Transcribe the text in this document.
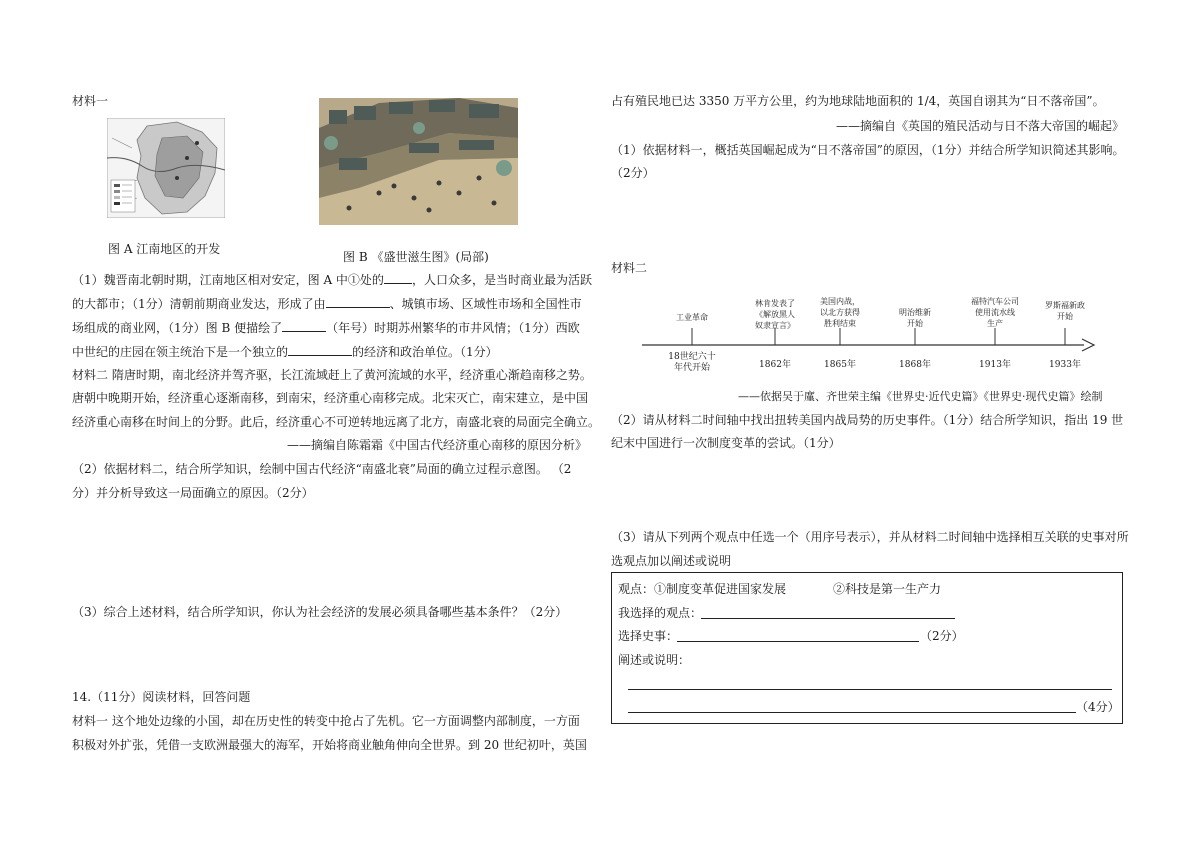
材料一
图 A 江南地区的开发
图 B 《盛世滋生图》(局部)
（1）魏晋南北朝时期，江南地区相对安定，图 A 中①处的 ，人口众多，是当时商业最为活跃
的大都市；（1分）清朝前期商业发达，形成了由	、城镇市场、区域性市场和全国性市
场组成的商业网，（1分）图 B 便描绘了	（年号）时期苏州繁华的市井风情；（1分）西欧
中世纪的庄园在领主统治下是一个独立的	的经济和政治单位。（1分）
材料二 隋唐时期，南北经济并驾齐驱，长江流域赶上了黄河流域的水平，经济重心渐趋南移之势。
唐朝中晚期开始，经济重心逐渐南移，到南宋，经济重心南移完成。北宋灭亡，南宋建立，是中国
经济重心南移在时间上的分野。此后，经济重心不可逆转地远离了北方，南盛北衰的局面完全确立。
——摘编自陈霜霜《中国古代经济重心南移的原因分析》
（2）依据材料二，结合所学知识，绘制中国古代经济“南盛北衰”局面的确立过程示意图。 （2
分）并分析导致这一局面确立的原因。（2分）
（3）综合上述材料，结合所学知识，你认为社会经济的发展必须具备哪些基本条件？（2分）
14.（11分）阅读材料，回答问题
材料一 这个地处边缘的小国，却在历史性的转变中抢占了先机。它一方面调整内部制度，一方面
积极对外扩张，凭借一支欧洲最强大的海军，开始将商业触角伸向全世界。到 20 世纪初叶，英国
占有殖民地已达 3350 万平方公里，约为地球陆地面积的 1/4，英国自诩其为“日不落帝国”。
——摘编自《英国的殖民活动与日不落大帝国的崛起》
（1）依据材料一，概括英国崛起成为“日不落帝国”的原因，（1分）并结合所学知识简述其影响。
（2分）
材料二
工业革命
林肯发表了
《解放黑人
奴隶宣言》
美国内战，
以北方获得
胜利结束
明治维新
开始
福特汽车公司
使用流水线
生产
罗斯福新政
开始
18世纪六十
年代开始	1862年	1865年	1868年	1913年	1933年
——依据吴于廑、齐世荣主编《世界史·近代史篇》《世界史·现代史篇》绘制
（2）请从材料二时间轴中找出扭转美国内战局势的历史事件。（1分）结合所学知识，指出 19 世
纪末中国进行一次制度变革的尝试。（1分）
（3）请从下列两个观点中任选一个（用序号表示），并从材料二时间轴中选择相互关联的史事对所
选观点加以阐述或说明
观点：①制度变革促进国家发展	②科技是第一生产力
我选择的观点：
选择史事：	（2分）
阐述或说明：
（4分）
